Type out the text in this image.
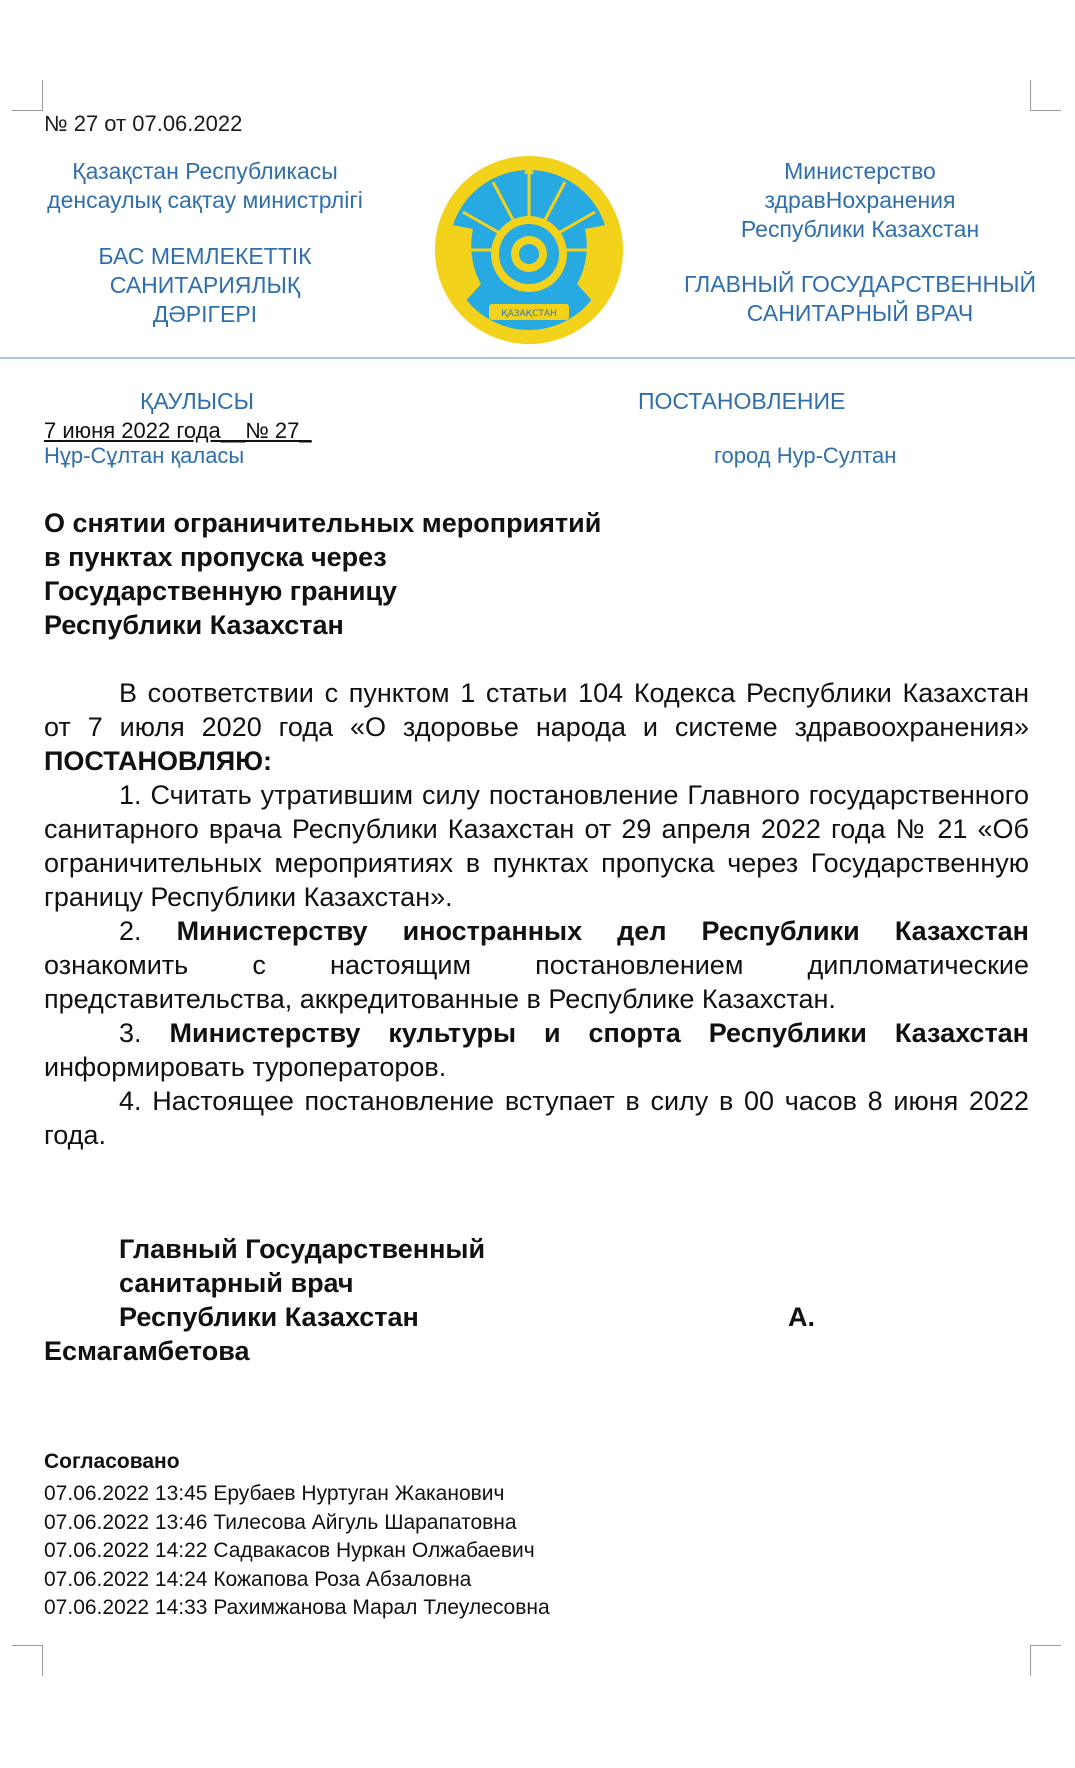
№ 27 от 07.06.2022
Қазақстан Республикасы
денсаулық сақтау министрлігі
БАС МЕМЛЕКЕТТІК САНИТАРИЯЛЫҚ
ДӘРІГЕРІ	ҚАЗАҚСТАН
Министерство
здравНохранения
Республики Казахстан
ГЛАВНЫЙ ГОСУДАРСТВЕННЫЙ
САНИТАРНЫЙ ВРАЧ
ҚАУЛЫСЫ	ПОСТАНОВЛЕНИЕ
7 июня 2022 года__№ 27_
Нұр-Сұлтан қаласы	город Нур-Султан
О снятии ограничительных мероприятий
в пунктах пропуска через
Государственную границу
Республики Казахстан

В соответствии с пунктом 1 статьи 104 Кодекса Республики Казахстан от 7 июля 2020 года «О здоровье народа и системе здравоохранения» ПОСТАНОВЛЯЮ:

1. Считать утратившим силу постановление Главного государственного санитарного врача Республики Казахстан от 29 апреля 2022 года № 21 «Об ограничительных мероприятиях в пунктах пропуска через Государственную границу Республики Казахстан».

2. Министерству иностранных дел Республики Казахстан ознакомить с настоящим постановлением дипломатические представительства, аккредитованные в Республике Казахстан.

3. Министерству культуры и спорта Республики Казахстан информировать туроператоров.

4. Настоящее постановление вступает в силу в 00 часов 8 июня 2022 года.

Главный Государственный
санитарный врач
Республики Казахстан
Есмагамбетова
А.
Согласовано
07.06.2022 13:45 Ерубаев Нуртуган Жаканович
07.06.2022 13:46 Тилесова Айгуль Шарапатовна
07.06.2022 14:22 Садвакасов Нуркан Олжабаевич
07.06.2022 14:24 Кожапова Роза Абзаловна
07.06.2022 14:33 Рахимжанова Марал Тлеулесовна
